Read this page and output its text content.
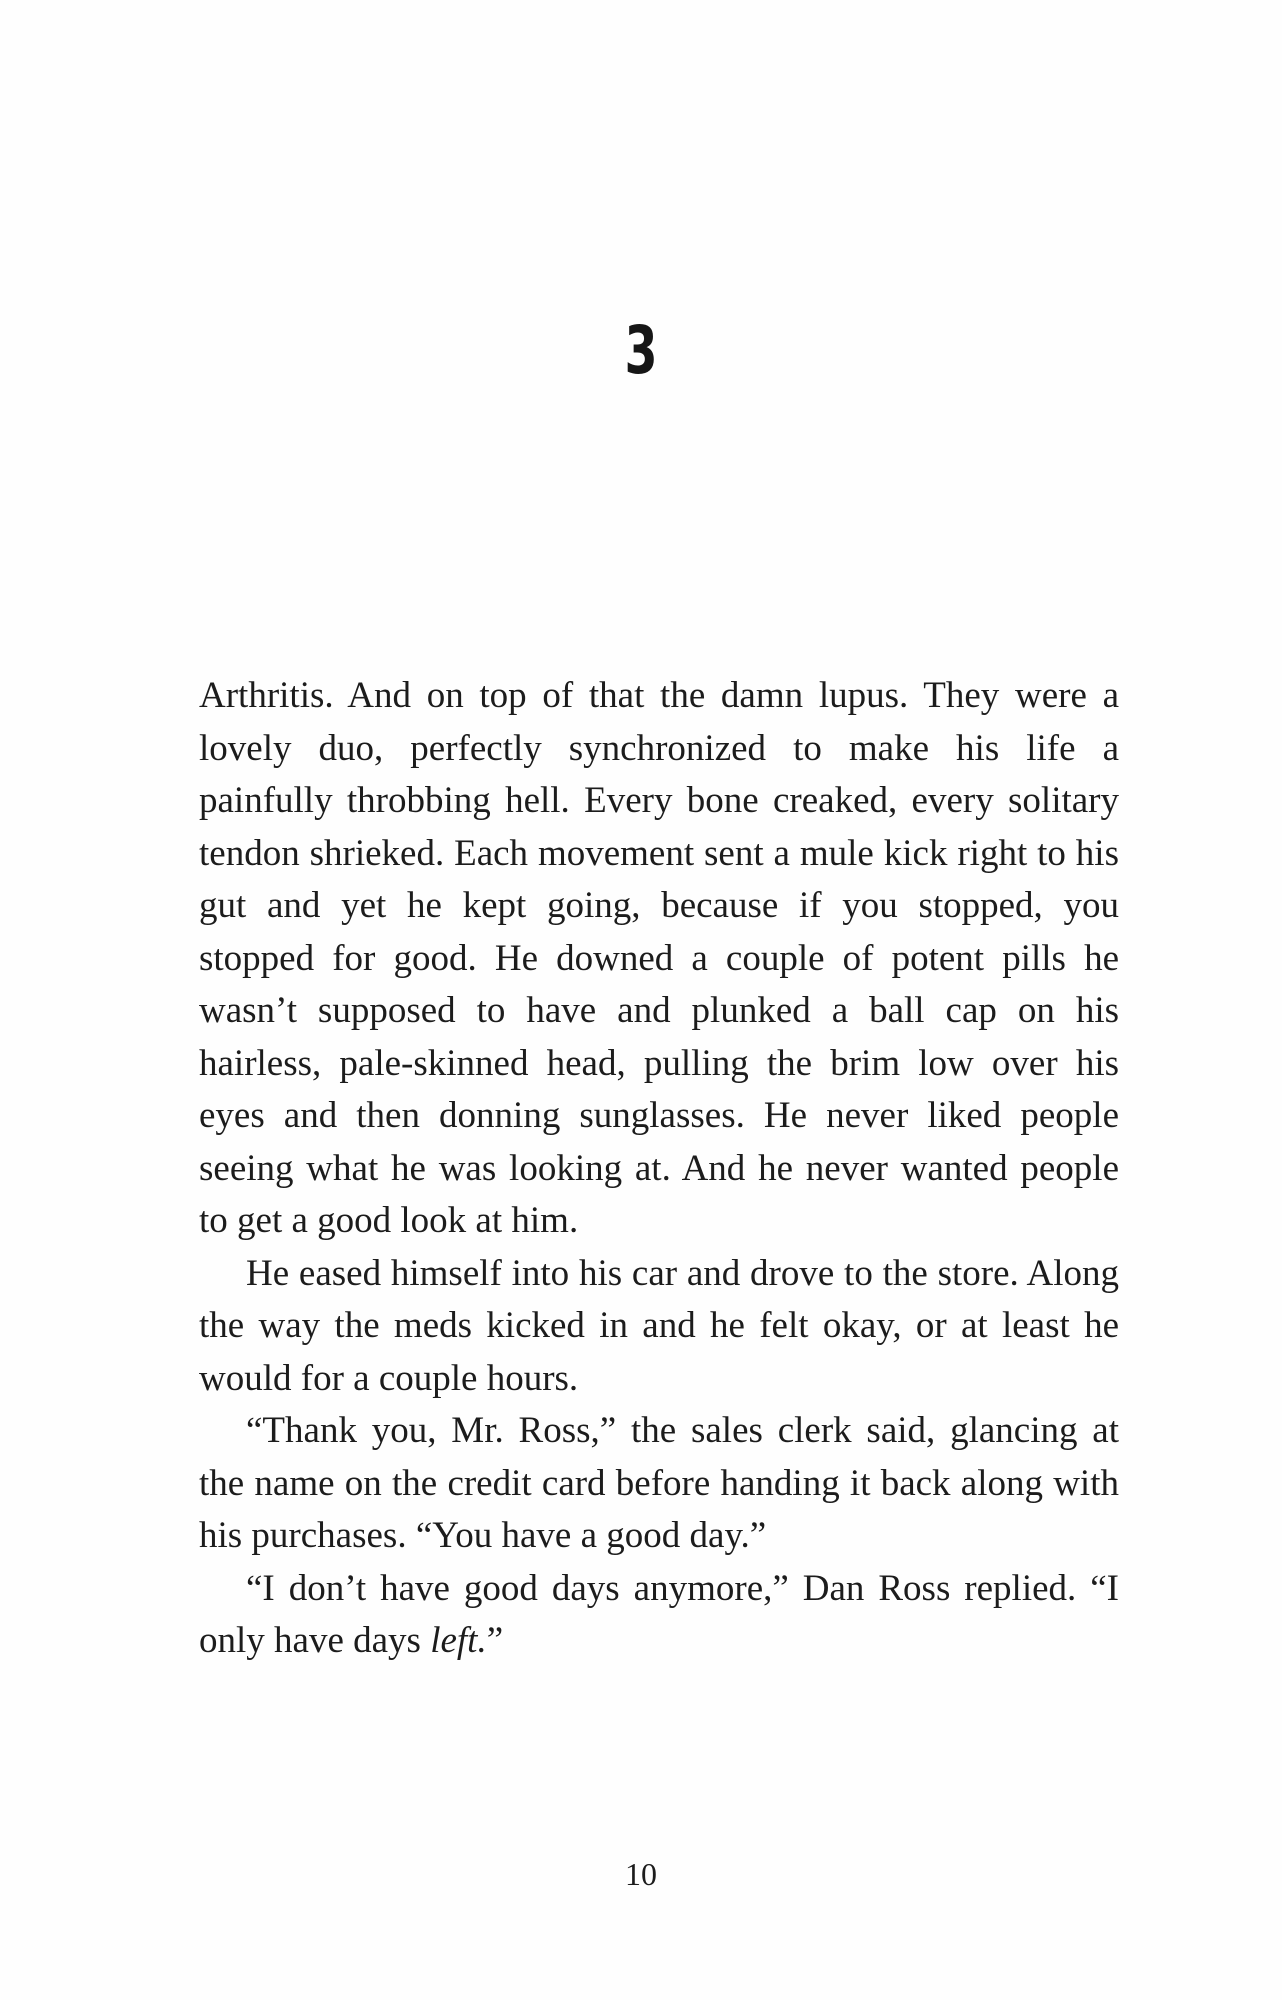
3

Arthritis. And on top of that the damn lupus. They were a lovely duo, perfectly synchronized to make his life a painfully throbbing hell. Every bone creaked, every solitary tendon shrieked. Each movement sent a mule kick right to his gut and yet he kept going, because if you stopped, you stopped for good. He downed a couple of potent pills he wasn’t supposed to have and plunked a ball cap on his hairless, pale-skinned head, pulling the brim low over his eyes and then donning sunglasses. He never liked people seeing what he was looking at. And he never wanted people to get a good look at him.

He eased himself into his car and drove to the store. Along the way the meds kicked in and he felt okay, or at least he would for a couple hours.

“Thank you, Mr. Ross,” the sales clerk said, glancing at the name on the credit card before handing it back along with his purchases. “You have a good day.”

“I don’t have good days anymore,” Dan Ross replied. “I only have days left.”

10
